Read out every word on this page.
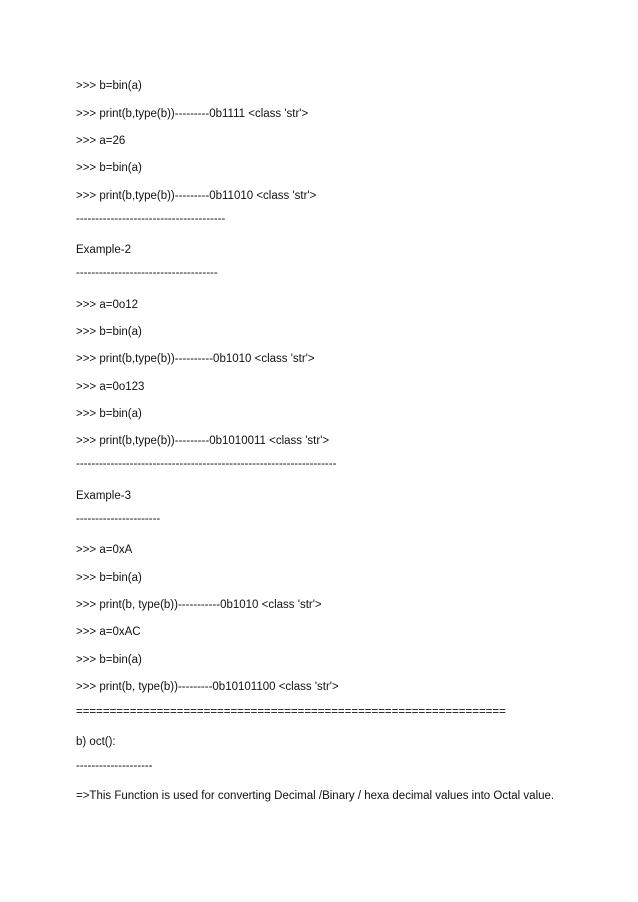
>>> b=bin(a)
>>> print(b,type(b))---------0b1111 <class 'str'>
>>> a=26
>>> b=bin(a)
>>> print(b,type(b))---------0b11010 <class 'str'>
---------------------------------------
Example-2
-------------------------------------
>>> a=0o12
>>> b=bin(a)
>>> print(b,type(b))----------0b1010 <class 'str'>
>>> a=0o123
>>> b=bin(a)
>>> print(b,type(b))---------0b1010011 <class 'str'>
--------------------------------------------------------------------
Example-3
----------------------
>>> a=0xA
>>> b=bin(a)
>>> print(b, type(b))-----------0b1010 <class 'str'>
>>> a=0xAC
>>> b=bin(a)
>>> print(b, type(b))---------0b10101100 <class 'str'>
================================================================
b) oct():
--------------------
=>This Function is used for converting Decimal /Binary / hexa decimal values into Octal value.
